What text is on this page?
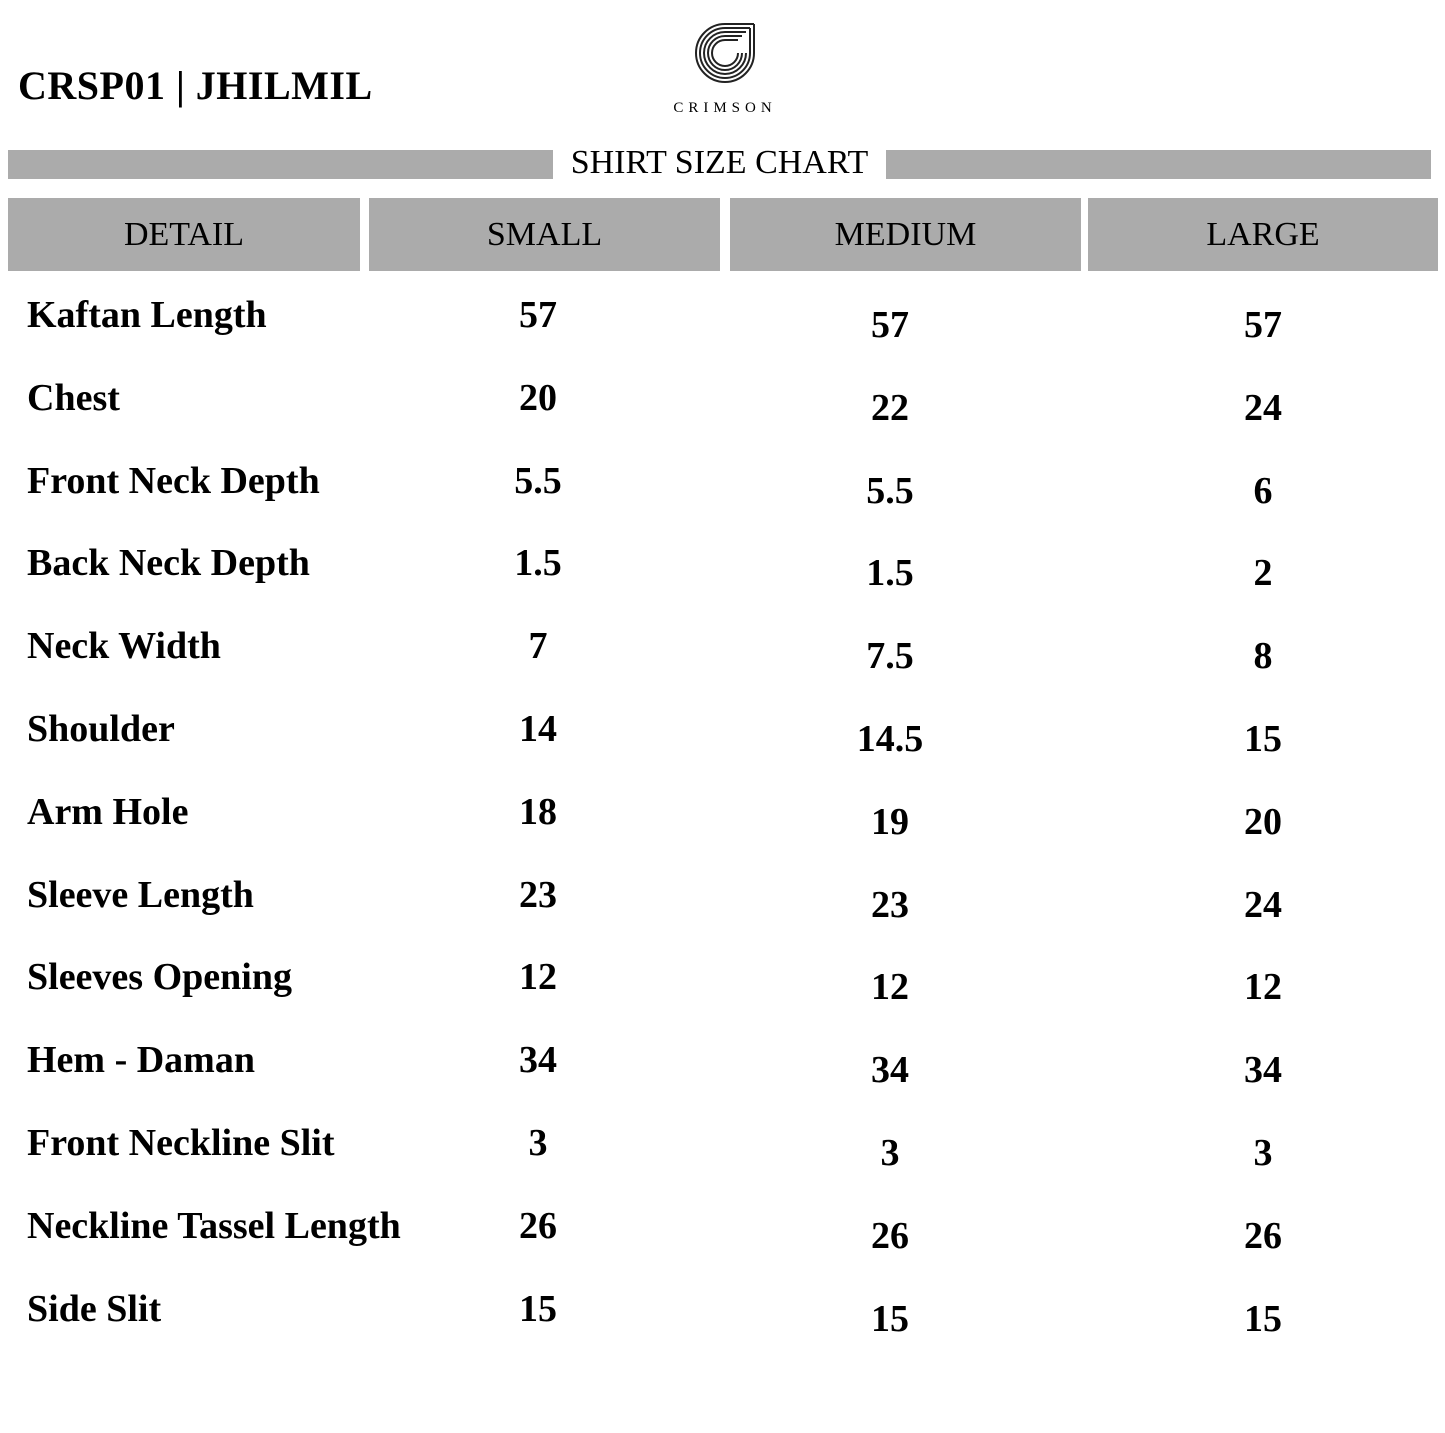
CRSP01 | JHILMIL	CRIMSON
SHIRT SIZE CHART
DETAIL	SMALL	MEDIUM	LARGE
Kaftan Length	57	57	57
Chest	20	22	24
Front Neck Depth	5.5	5.5	6
Back Neck Depth	1.5	1.5	2
Neck Width	7	7.5	8
Shoulder	14	14.5	15
Arm Hole	18	19	20
Sleeve Length	23	23	24
Sleeves Opening	12	12	12
Hem - Daman	34	34	34
Front Neckline Slit	3	3	3
Neckline Tassel Length	26	26	26
Side Slit	15	15	15
